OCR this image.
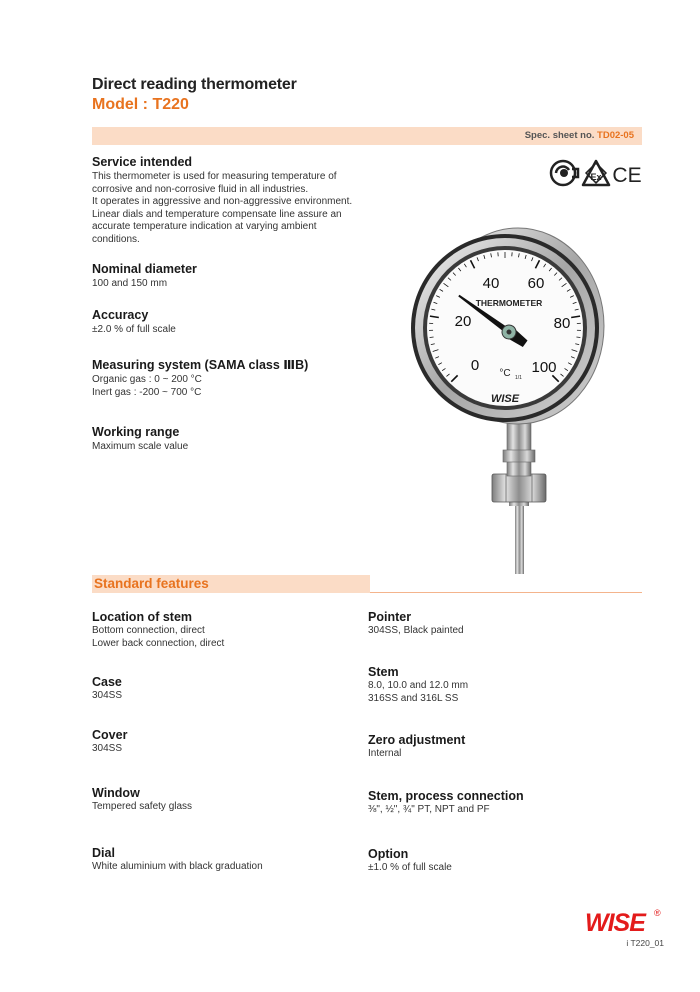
Direct reading thermometer
Model : T220
Spec. sheet no. TD02-05
Ex CE
Service intended
This thermometer is used for measuring temperature of
corrosive and non-corrosive fluid in all industries.
It operates in aggressive and non-aggressive environment.
Linear dials and temperature compensate line assure an
accurate temperature indication at varying ambient
conditions.
Nominal diameter
100 and 150 mm
Accuracy
±2.0 % of full scale
Measuring system (SAMA class ⅢB)
Organic gas : 0 ~ 200 °C
Inert gas : -200 ~ 700 °C
Working range
Maximum scale value
0
20
40 60
80
100
THERMOMETER
°C 1/1
WISE
Standard features
Location of stem
Bottom connection, direct
Lower back connection, direct
Case
304SS
Cover
304SS
Window
Tempered safety glass
Dial
White aluminium with black graduation
Pointer
304SS, Black painted
Stem
8.0, 10.0 and 12.0 mm
316SS and 316L SS
Zero adjustment
Internal
Stem, process connection
⅜", ½", ¾" PT, NPT and PF
Option
±1.0 % of full scale
WISE ®
i T220_01
